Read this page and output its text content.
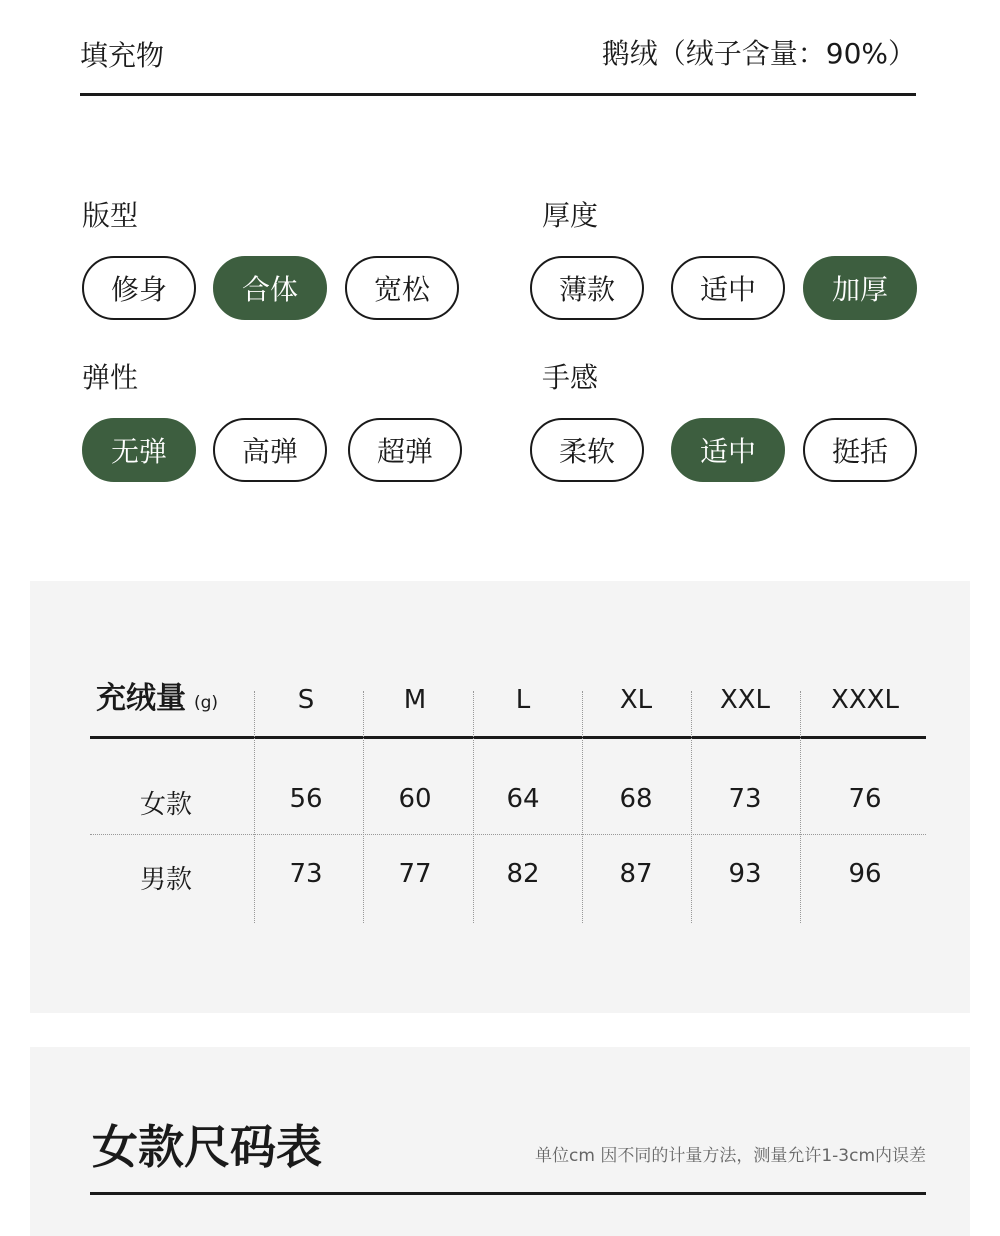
填充物	鹅绒（绒子含量：90%）
版型
修身	合体	宽松
厚度
薄款	适中	加厚
弹性
无弹	高弹	超弹
手感
柔软	适中	挺括
充绒量 (g)	S	M	L	XL	XXL	XXXL
女款	56	60	64	68	73	76
男款	73	77	82	87	93	96
女款尺码表	单位cm 因不同的计量方法，测量允许1-3cm内误差
